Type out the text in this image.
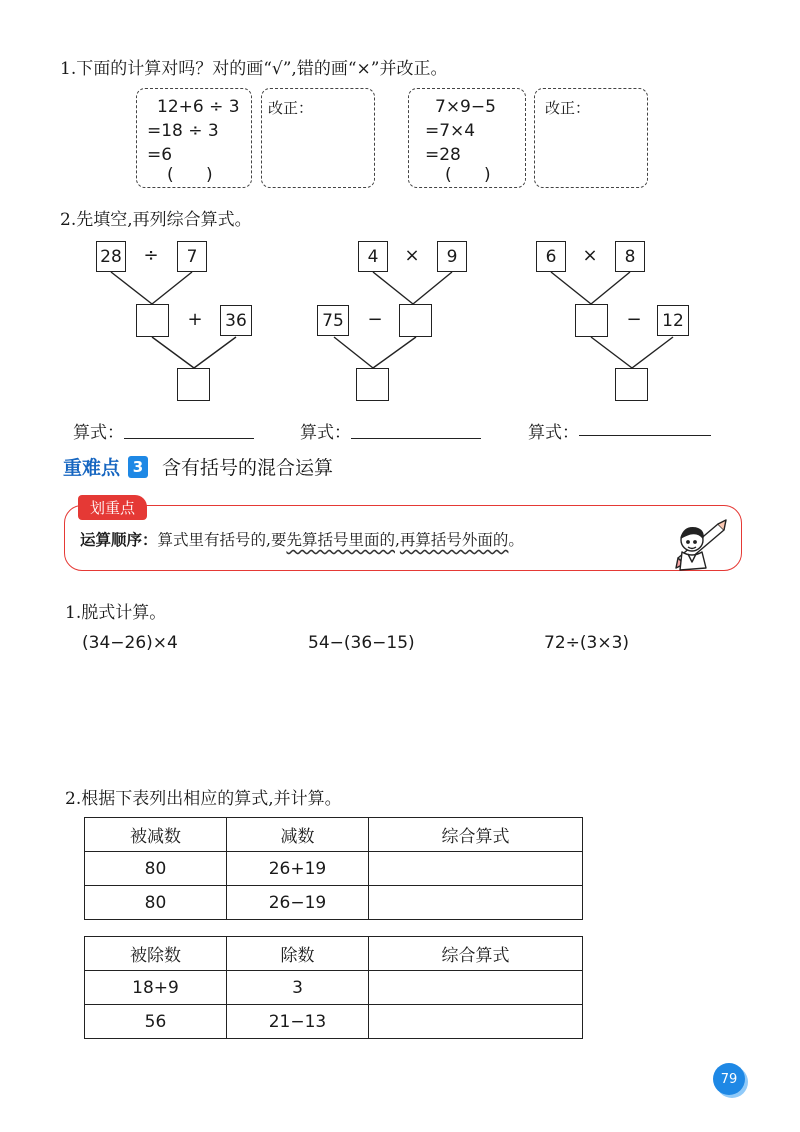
1.下面的计算对吗？对的画“√”,错的画“×”并改正。
12+6 ÷ 3
=18 ÷ 3
=6
(      )
改正：	7×9−5
=7×4
=28
(      )
改正：
2.先填空,再列综合算式。
28 ÷	7
+	36
4	×	9
75 −
6	×	8
−	12
算式：	算式：	算式：
重难点 3 含有括号的混合运算
划重点
运算顺序：算式里有括号的,要先算括号里面的,再算括号外面的。
1.脱式计算。
(34−26)×4	54−(36−15)	72÷(3×3)
2.根据下表列出相应的算式,并计算。
被减数	减数	综合算式
80	26+19	
80	26−19	
被除数	除数	综合算式
18+9	3	
56	21−13	
79
